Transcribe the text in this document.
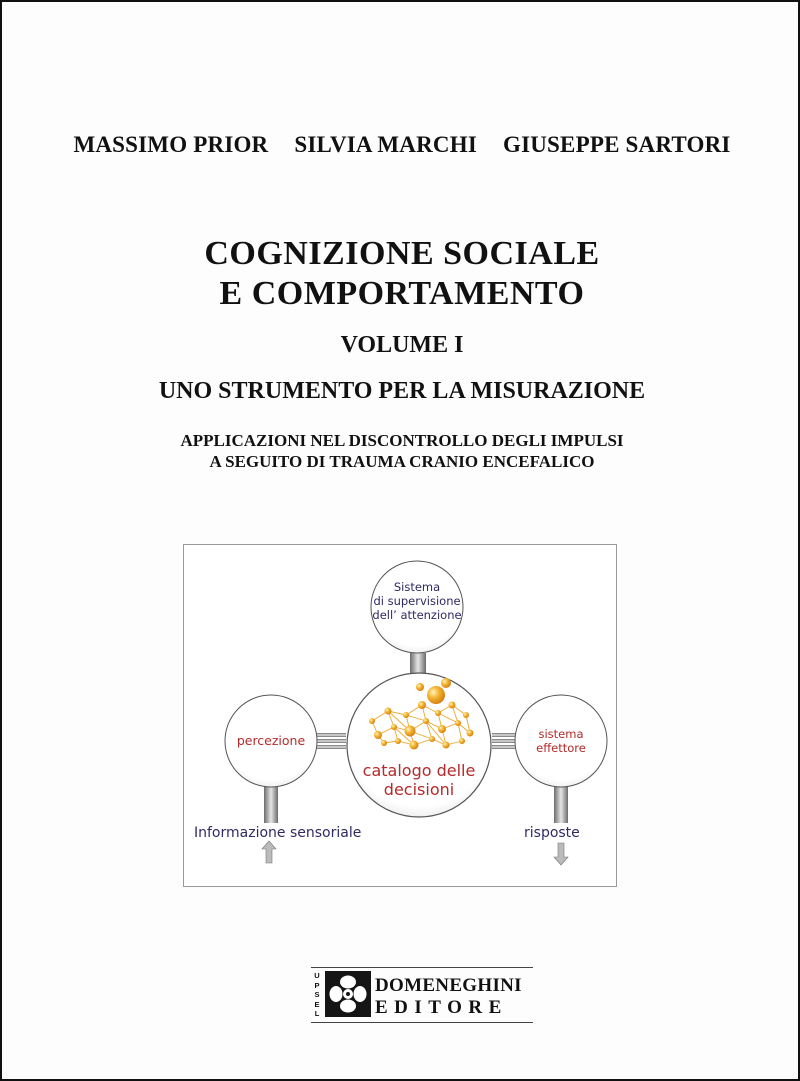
MASSIMO PRIOR SILVIA MARCHI GIUSEPPE SARTORI
COGNIZIONE SOCIALE
E COMPORTAMENTO
VOLUME I
UNO STRUMENTO PER LA MISURAZIONE
APPLICAZIONI NEL DISCONTROLLO DEGLI IMPULSI
A SEGUITO DI TRAUMA CRANIO ENCEFALICO
Sistema
di supervisione
dell’ attenzione
percezione	sistema
effettore
catalogo delle
decisioni
Informazione sensoriale	risposte
U
P
S
E
L
DOMENEGHINI
EDITORE
